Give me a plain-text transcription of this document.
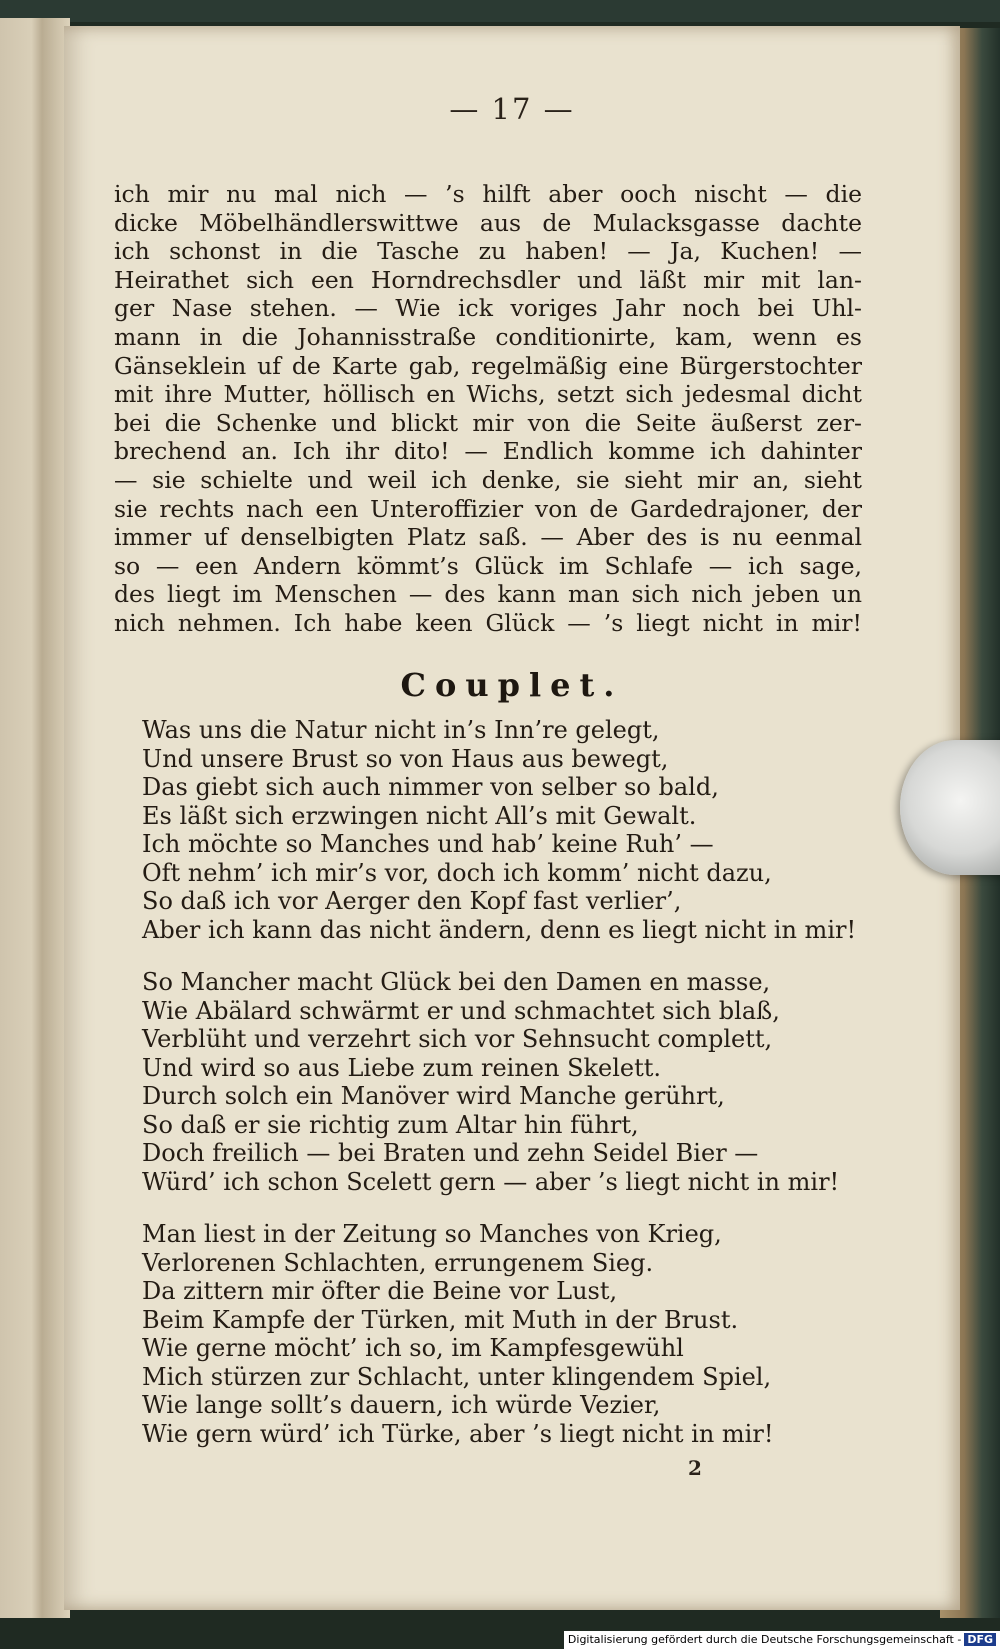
— 17 —
ich mir nu mal nich — ’s hilft aber ooch nischt — die
dicke Möbelhändlerswittwe aus de Mulacksgasse dachte
ich schonst in die Tasche zu haben! — Ja, Kuchen! —
Heirathet sich een Horndrechsdler und läßt mir mit lan-
ger Nase stehen. — Wie ick voriges Jahr noch bei Uhl-
mann in die Johannisstraße conditionirte, kam, wenn es
Gänseklein uf de Karte gab, regelmäßig eine Bürgerstochter
mit ihre Mutter, höllisch en Wichs, setzt sich jedesmal dicht
bei die Schenke und blickt mir von die Seite äußerst zer-
brechend an. Ich ihr dito! — Endlich komme ich dahinter
— sie schielte und weil ich denke, sie sieht mir an, sieht
sie rechts nach een Unteroffizier von de Gardedrajoner, der
immer uf denselbigten Platz saß. — Aber des is nu eenmal
so — een Andern kömmt’s Glück im Schlafe — ich sage,
des liegt im Menschen — des kann man sich nich jeben un
nich nehmen. Ich habe keen Glück — ’s liegt nicht in mir!
Couplet.
Was uns die Natur nicht in’s Inn’re gelegt,
Und unsere Brust so von Haus aus bewegt,
Das giebt sich auch nimmer von selber so bald,
Es läßt sich erzwingen nicht All’s mit Gewalt.
Ich möchte so Manches und hab’ keine Ruh’ —
Oft nehm’ ich mir’s vor, doch ich komm’ nicht dazu,
So daß ich vor Aerger den Kopf fast verlier’,
Aber ich kann das nicht ändern, denn es liegt nicht in mir!
So Mancher macht Glück bei den Damen en masse,
Wie Abälard schwärmt er und schmachtet sich blaß,
Verblüht und verzehrt sich vor Sehnsucht complett,
Und wird so aus Liebe zum reinen Skelett.
Durch solch ein Manöver wird Manche gerührt,
So daß er sie richtig zum Altar hin führt,
Doch freilich — bei Braten und zehn Seidel Bier —
Würd’ ich schon Scelett gern — aber ’s liegt nicht in mir!
Man liest in der Zeitung so Manches von Krieg,
Verlorenen Schlachten, errungenem Sieg.
Da zittern mir öfter die Beine vor Lust,
Beim Kampfe der Türken, mit Muth in der Brust.
Wie gerne möcht’ ich so, im Kampfesgewühl
Mich stürzen zur Schlacht, unter klingendem Spiel,
Wie lange sollt’s dauern, ich würde Vezier,
Wie gern würd’ ich Türke, aber ’s liegt nicht in mir!
2
Digitalisierung gefördert durch die Deutsche Forschungsgemeinschaft - DFG
